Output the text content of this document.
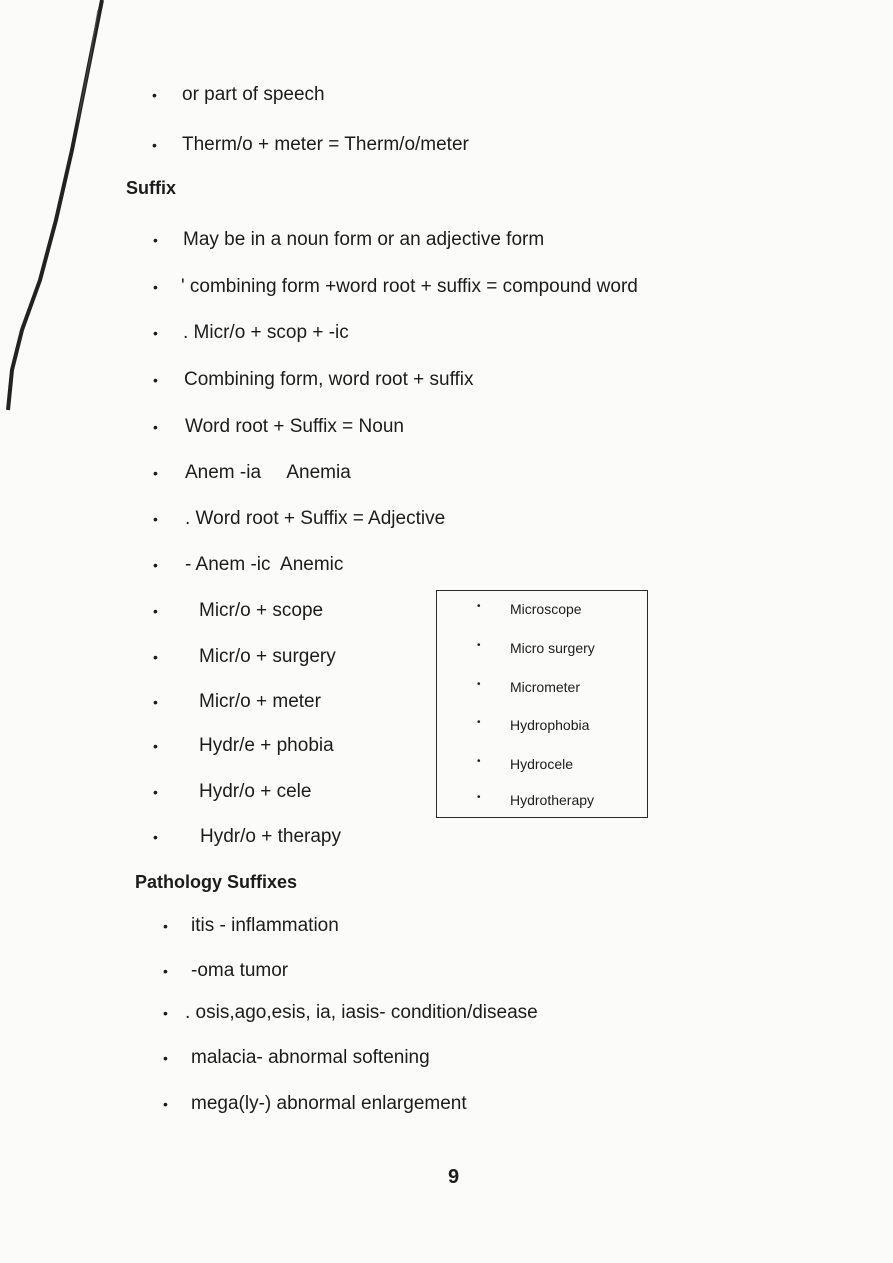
• or part of speech
• Therm/o + meter = Therm/o/meter
Suffix
• May be in a noun form or an adjective form
• ' combining form +word root + suffix = compound word
• . Micr/o + scop + -ic
• Combining form, word root + suffix
• Word root + Suffix = Noun
• Anem -ia     Anemia
• . Word root + Suffix = Adjective
• - Anem -ic  Anemic
• Micr/o + scope
• Micr/o + surgery
• Micr/o + meter
• Hydr/e + phobia
• Hydr/o + cele
• Hydr/o + therapy
• Microscope
• Micro surgery
• Micrometer
• Hydrophobia
• Hydrocele
• Hydrotherapy
Pathology Suffixes
• itis - inflammation
• -oma tumor
• . osis,ago,esis, ia, iasis- condition/disease
• malacia- abnormal softening
• mega(ly-) abnormal enlargement
9
